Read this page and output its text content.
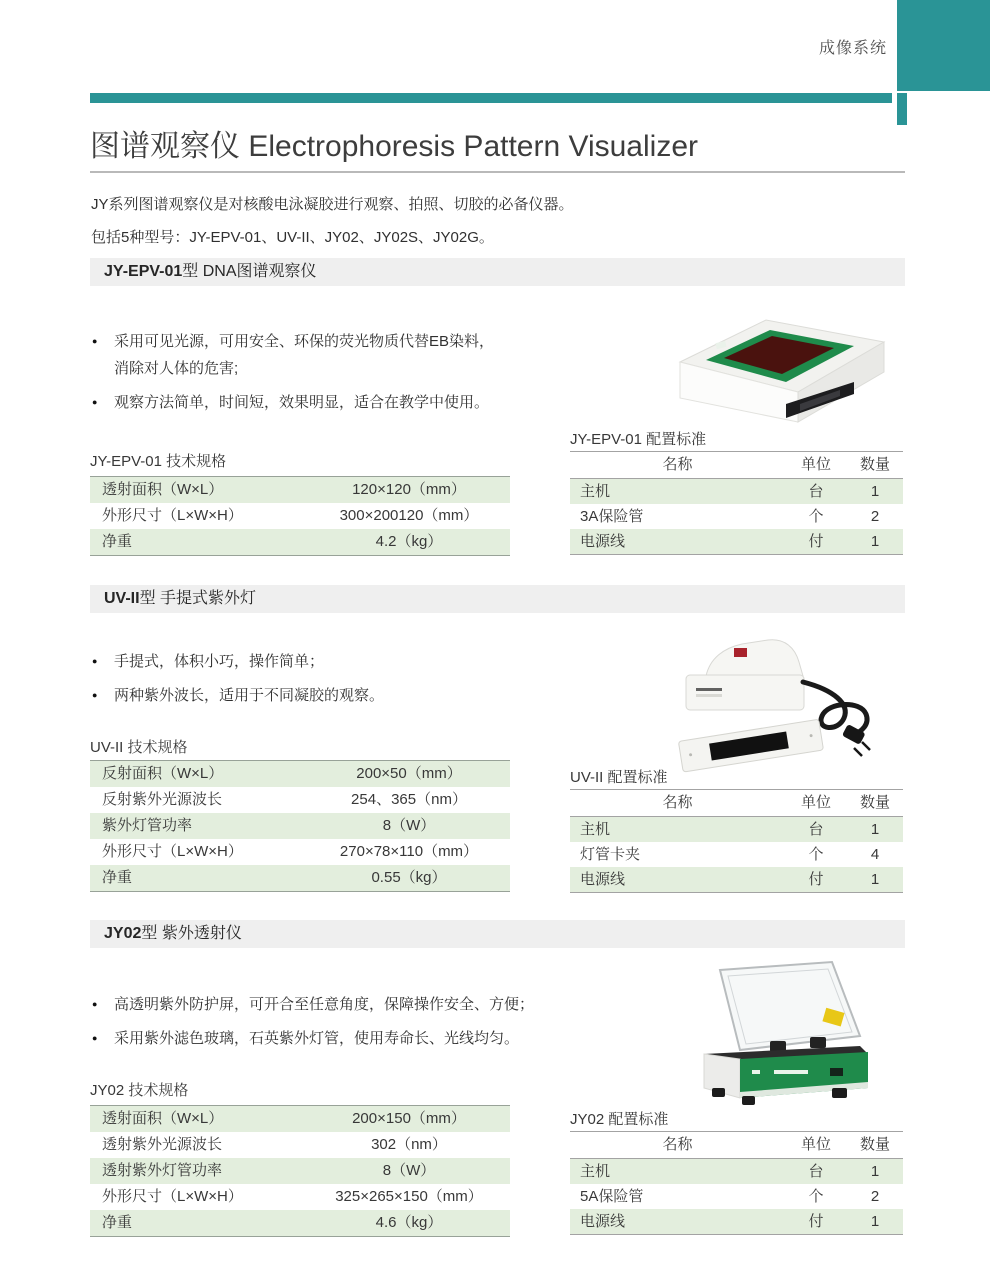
成像系统
图谱观察仪 Electrophoresis Pattern Visualizer
JY系列图谱观察仪是对核酸电泳凝胶进行观察、拍照、切胶的必备仪器。
包括5种型号：JY-EPV-01、UV-II、JY02、JY02S、JY02G。
JY-EPV-01型 DNA图谱观察仪
●	采用可见光源，可用安全、环保的荧光物质代替EB染料，消除对人体的危害;
●	观察方法简单，时间短，效果明显，适合在教学中使用。
JY-EPV-01 技术规格
透射面积（W×L）	120×120（mm）
外形尺寸（L×W×H）	300×200120（mm）
净重	4.2（kg）
JY-EPV-01 配置标准
名称	单位	数量
主机	台	1
3A保险管	个	2
电源线	付	1
UV-II型 手提式紫外灯
●	手提式，体积小巧，操作简单；
●	两种紫外波长，适用于不同凝胶的观察。
UV-II 技术规格
反射面积（W×L）	200×50（mm）
反射紫外光源波长	254、365（nm）
紫外灯管功率	8（W）
外形尺寸（L×W×H）	270×78×110（mm）
净重	0.55（kg）
UV-II 配置标准
名称	单位	数量
主机	台	1
灯管卡夹	个	4
电源线	付	1
JY02型 紫外透射仪
●	高透明紫外防护屏，可开合至任意角度，保障操作安全、方便；
●	采用紫外滤色玻璃，石英紫外灯管，使用寿命长、光线均匀。
JY02 技术规格
透射面积（W×L）	200×150（mm）
透射紫外光源波长	302（nm）
透射紫外灯管功率	8（W）
外形尺寸（L×W×H）	325×265×150（mm）
净重	4.6（kg）
JY02 配置标准
名称	单位	数量
主机	台	1
5A保险管	个	2
电源线	付	1
